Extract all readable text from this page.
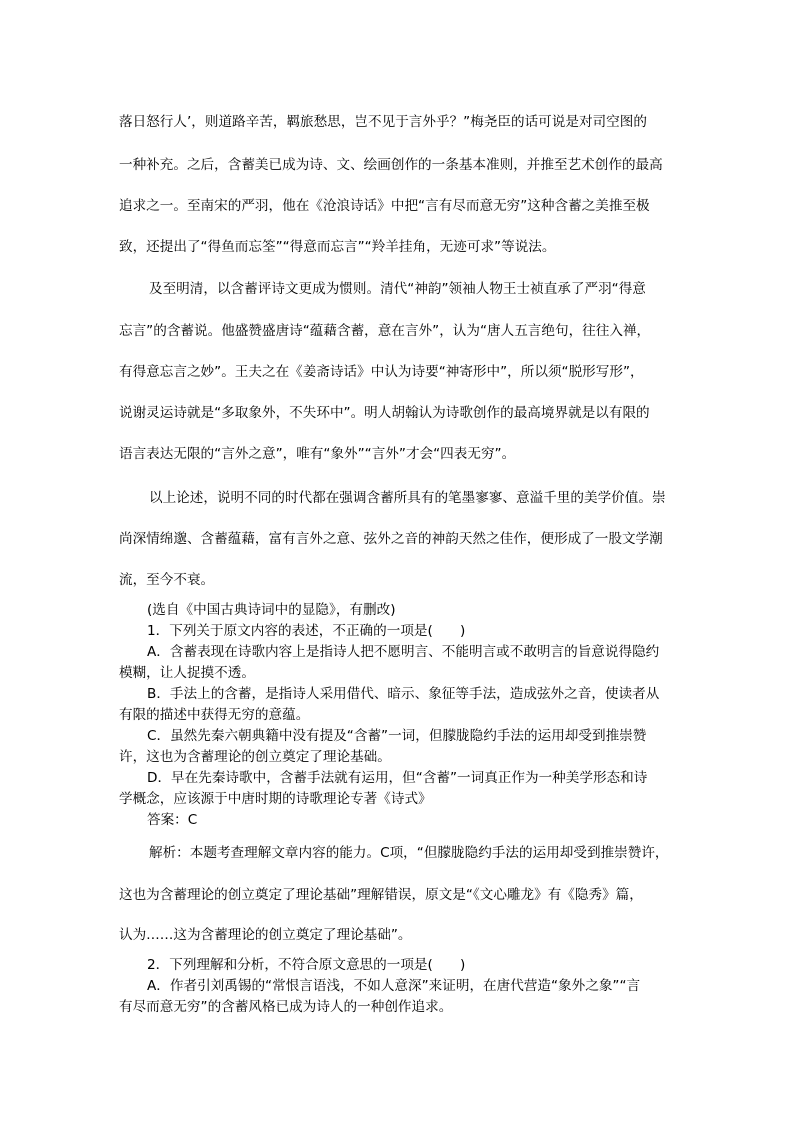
落日怒行人’，则道路辛苦，羁旅愁思，岂不见于言外乎？”梅尧臣的话可说是对司空图的
一种补充。之后，含蓄美已成为诗、文、绘画创作的一条基本准则，并推至艺术创作的最高
追求之一。至南宋的严羽，他在《沧浪诗话》中把“言有尽而意无穷”这种含蓄之美推至极
致，还提出了“得鱼而忘筌”“得意而忘言”“羚羊挂角，无迹可求”等说法。
及至明清，以含蓄评诗文更成为惯则。清代“神韵”领袖人物王士祯直承了严羽“得意
忘言”的含蓄说。他盛赞盛唐诗“蕴藉含蓄，意在言外”，认为“唐人五言绝句，往往入禅，
有得意忘言之妙”。王夫之在《姜斋诗话》中认为诗要“神寄形中”，所以须“脱形写形”，
说谢灵运诗就是“多取象外，不失环中”。明人胡翰认为诗歌创作的最高境界就是以有限的
语言表达无限的“言外之意”，唯有“象外”“言外”才会“四表无穷”。
以上论述，说明不同的时代都在强调含蓄所具有的笔墨寥寥、意溢千里的美学价值。崇
尚深情绵邈、含蓄蕴藉，富有言外之意、弦外之音的神韵天然之佳作，便形成了一股文学潮
流，至今不衰。
(选自《中国古典诗词中的显隐》，有删改)
1．下列关于原文内容的表述，不正确的一项是(　　)
A．含蓄表现在诗歌内容上是指诗人把不愿明言、不能明言或不敢明言的旨意说得隐约
模糊，让人捉摸不透。
B．手法上的含蓄，是指诗人采用借代、暗示、象征等手法，造成弦外之音，使读者从
有限的描述中获得无穷的意蕴。
C．虽然先秦六朝典籍中没有提及“含蓄”一词，但朦胧隐约手法的运用却受到推崇赞
许，这也为含蓄理论的创立奠定了理论基础。
D．早在先秦诗歌中，含蓄手法就有运用，但“含蓄”一词真正作为一种美学形态和诗
学概念，应该源于中唐时期的诗歌理论专著《诗式》
答案：C
解析：本题考查理解文章内容的能力。C项，“但朦胧隐约手法的运用却受到推崇赞许，
这也为含蓄理论的创立奠定了理论基础”理解错误，原文是“《文心雕龙》有《隐秀》篇，
认为……这为含蓄理论的创立奠定了理论基础”。
2．下列理解和分析，不符合原文意思的一项是(　　)
A．作者引刘禹锡的“常恨言语浅，不如人意深”来证明，在唐代营造“象外之象”“言
有尽而意无穷”的含蓄风格已成为诗人的一种创作追求。
